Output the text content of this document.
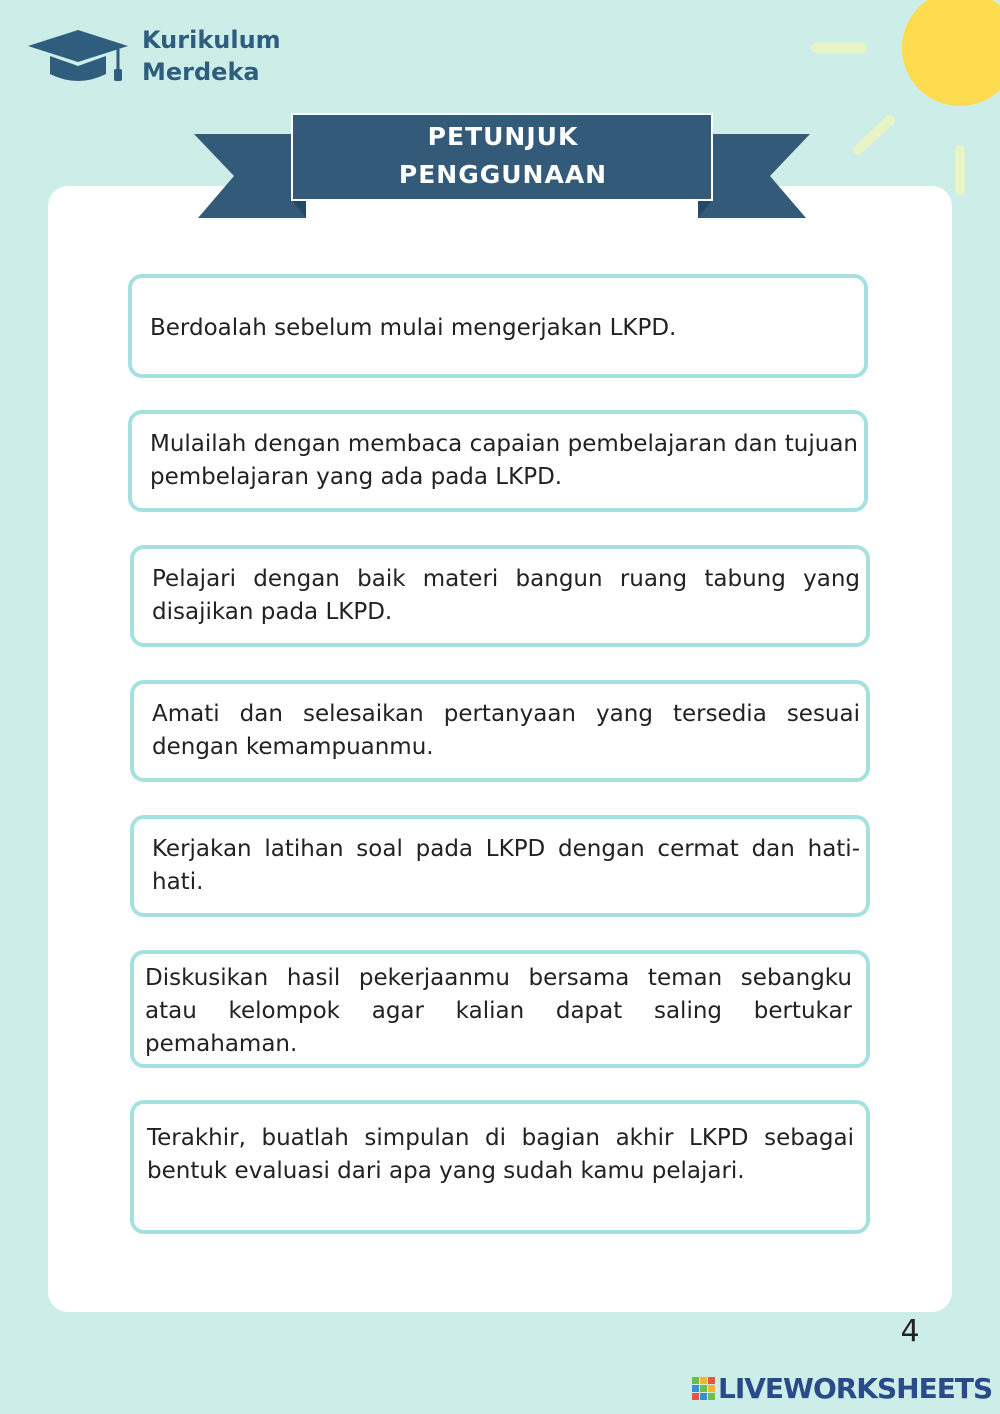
Kurikulum
Merdeka
PETUNJUK
PENGGUNAAN
Berdoalah sebelum mulai mengerjakan LKPD.
Mulailah dengan membaca capaian pembelajaran dan tujuan pembelajaran yang ada pada LKPD.
Pelajari dengan baik materi bangun ruang tabung yang disajikan pada LKPD.
Amati dan selesaikan pertanyaan yang tersedia sesuai dengan kemampuanmu.
Kerjakan latihan soal pada LKPD dengan cermat dan hati-hati.
Diskusikan hasil pekerjaanmu bersama teman sebangku atau kelompok agar kalian dapat saling bertukar pemahaman.
Terakhir, buatlah simpulan di bagian akhir LKPD sebagai bentuk evaluasi dari apa yang sudah kamu pelajari.
4
LIVEWORKSHEETS
